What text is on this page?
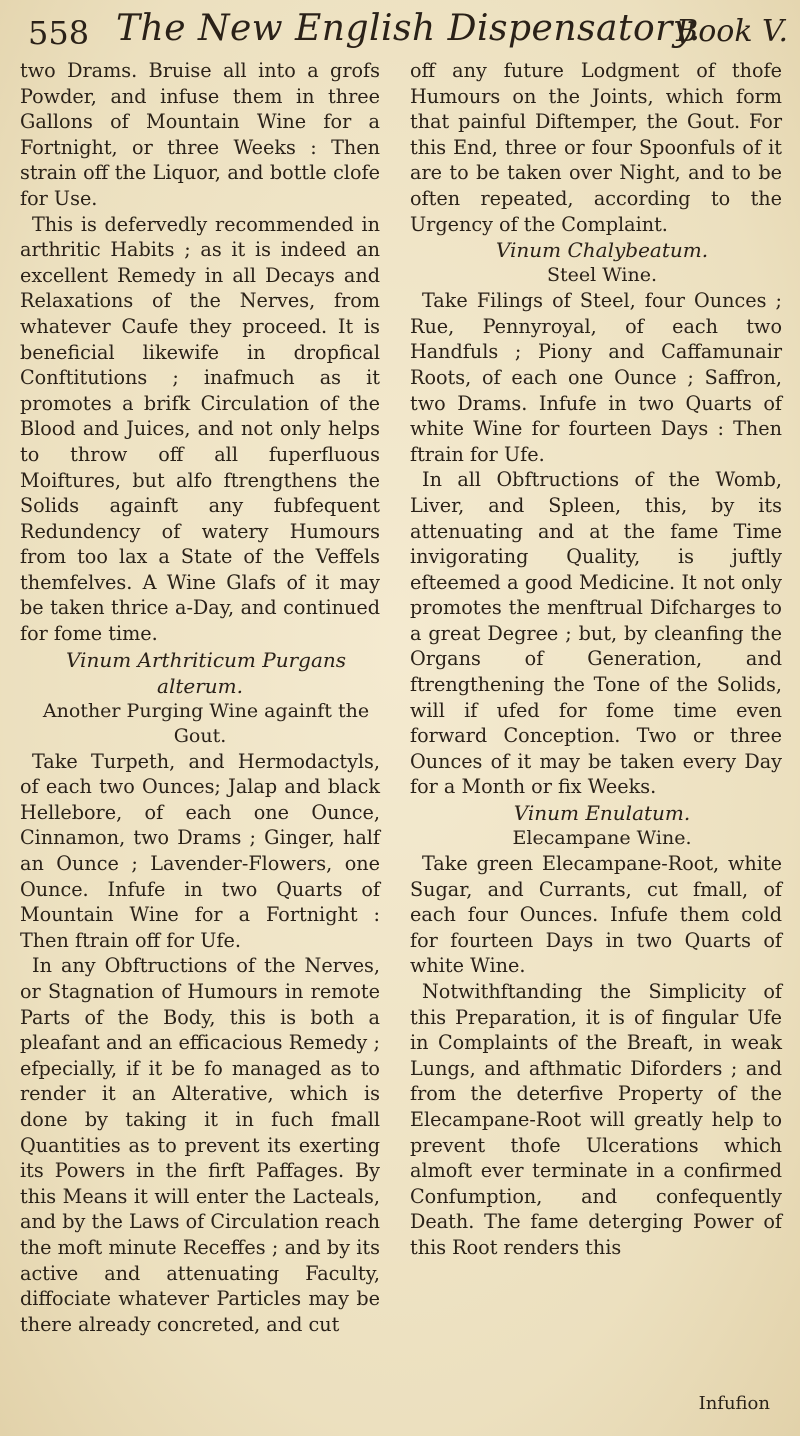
558 The New English Dispensatory.
Book V.

two Drams. Bruise all into a grofs Powder, and infuse them in three Gallons of Mountain Wine for a Fortnight, or three Weeks : Then strain off the Liquor, and bottle clofe for Use.

This is defervedly recommended in arthritic Habits ; as it is indeed an excellent Remedy in all Decays and Relaxations of the Nerves, from whatever Caufe they proceed. It is beneficial likewife in dropfical Conftitutions ; inafmuch as it promotes a brifk Circulation of the Blood and Juices, and not only helps to throw off all fuperfluous Moiftures, but alfo ftrengthens the Solids againft any fubfequent Redundency of watery Humours from too lax a State of the Veffels themfelves. A Wine Glafs of it may be taken thrice a-Day, and continued for fome time.

Vinum Arthriticum Purgans alterum.

Another Purging Wine againft the Gout.

Take Turpeth, and Hermodactyls, of each two Ounces; Jalap and black Hellebore, of each one Ounce, Cinnamon, two Drams ; Ginger, half an Ounce ; Lavender-Flowers, one Ounce. Infufe in two Quarts of Mountain Wine for a Fortnight : Then ftrain off for Ufe.

In any Obftructions of the Nerves, or Stagnation of Humours in remote Parts of the Body, this is both a pleafant and an efficacious Remedy ; efpecially, if it be fo managed as to render it an Alterative, which is done by taking it in fuch fmall Quantities as to prevent its exerting its Powers in the firft Paffages. By this Means it will enter the Lacteals, and by the Laws of Circulation reach the moft minute Receffes ; and by its active and attenuating Faculty, diffociate whatever Particles may be there already concreted, and cut

off any future Lodgment of thofe Humours on the Joints, which form that painful Diftemper, the Gout. For this End, three or four Spoonfuls of it are to be taken over Night, and to be often repeated, according to the Urgency of the Complaint.

Vinum Chalybeatum.

Steel Wine.

Take Filings of Steel, four Ounces ; Rue, Pennyroyal, of each two Handfuls ; Piony and Caffamunair Roots, of each one Ounce ; Saffron, two Drams. Infufe in two Quarts of white Wine for fourteen Days : Then ftrain for Ufe.

In all Obftructions of the Womb, Liver, and Spleen, this, by its attenuating and at the fame Time invigorating Quality, is juftly efteemed a good Medicine. It not only promotes the menftrual Difcharges to a great Degree ; but, by cleanfing the Organs of Generation, and ftrengthening the Tone of the Solids, will if ufed for fome time even forward Conception. Two or three Ounces of it may be taken every Day for a Month or fix Weeks.

Vinum Enulatum.

Elecampane Wine.

Take green Elecampane-Root, white Sugar, and Currants, cut fmall, of each four Ounces. Infufe them cold for fourteen Days in two Quarts of white Wine.

Notwithftanding the Simplicity of this Preparation, it is of fingular Ufe in Complaints of the Breaft, in weak Lungs, and afthmatic Diforders ; and from the deterfive Property of the Elecampane-Root will greatly help to prevent thofe Ulcerations which almoft ever terminate in a confirmed Confumption, and confequently Death. The fame deterging Power of this Root renders this

Infufion
